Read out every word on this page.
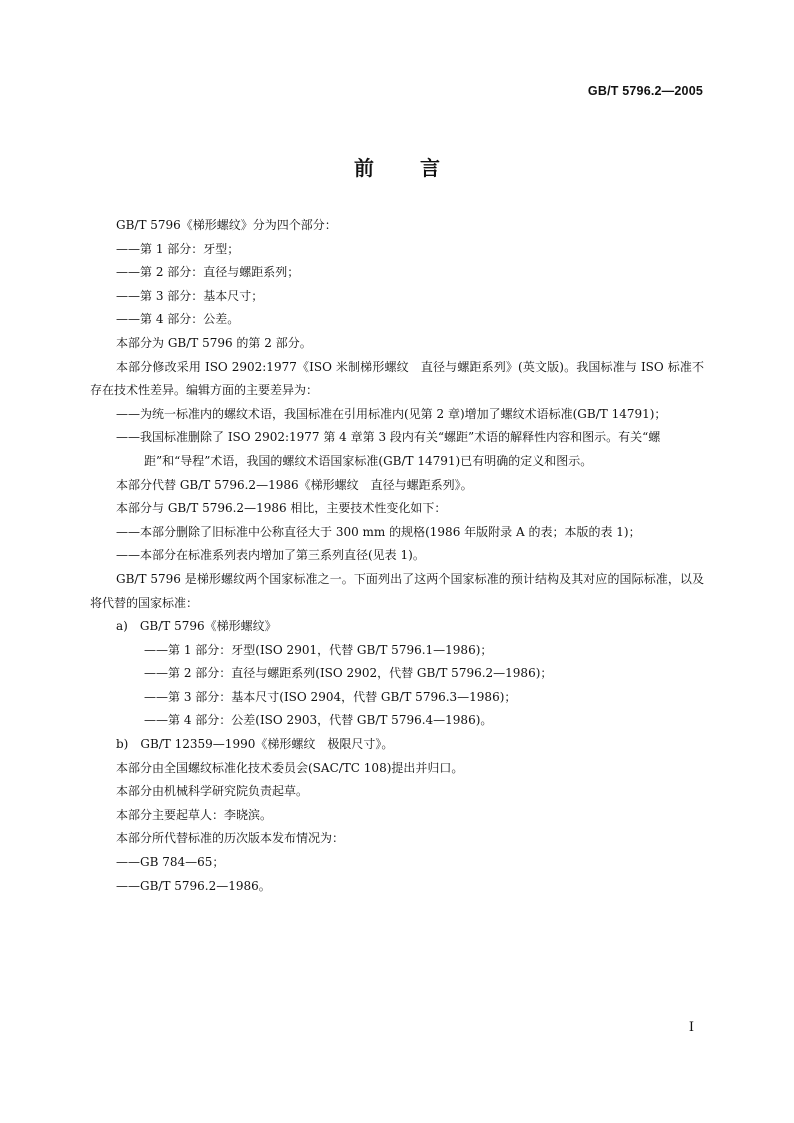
GB/T 5796.2—2005
前言

GB/T 5796《梯形螺纹》分为四个部分：

——第 1 部分：牙型；

——第 2 部分：直径与螺距系列；

——第 3 部分：基本尺寸；

——第 4 部分：公差。

本部分为 GB/T 5796 的第 2 部分。

本部分修改采用 ISO 2902:1977《ISO 米制梯形螺纹　直径与螺距系列》(英文版)。我国标准与 ISO 标准不存在技术性差异。编辑方面的主要差异为：

——为统一标准内的螺纹术语，我国标准在引用标准内(见第 2 章)增加了螺纹术语标准(GB/T 14791)；

——我国标准删除了 ISO 2902:1977 第 4 章第 3 段内有关“螺距”术语的解释性内容和图示。有关“螺距”和“导程”术语，我国的螺纹术语国家标准(GB/T 14791)已有明确的定义和图示。

本部分代替 GB/T 5796.2—1986《梯形螺纹　直径与螺距系列》。

本部分与 GB/T 5796.2—1986 相比，主要技术性变化如下：

——本部分删除了旧标准中公称直径大于 300 mm 的规格(1986 年版附录 A 的表；本版的表 1)；

——本部分在标准系列表内增加了第三系列直径(见表 1)。

GB/T 5796 是梯形螺纹两个国家标准之一。下面列出了这两个国家标准的预计结构及其对应的国际标准，以及将代替的国家标准：

a)　GB/T 5796《梯形螺纹》

——第 1 部分：牙型(ISO 2901，代替 GB/T 5796.1—1986)；

——第 2 部分：直径与螺距系列(ISO 2902，代替 GB/T 5796.2—1986)；

——第 3 部分：基本尺寸(ISO 2904，代替 GB/T 5796.3—1986)；

——第 4 部分：公差(ISO 2903，代替 GB/T 5796.4—1986)。

b)　GB/T 12359—1990《梯形螺纹　极限尺寸》。

本部分由全国螺纹标准化技术委员会(SAC/TC 108)提出并归口。

本部分由机械科学研究院负责起草。

本部分主要起草人：李晓滨。

本部分所代替标准的历次版本发布情况为：

——GB 784—65；

——GB/T 5796.2—1986。

I
